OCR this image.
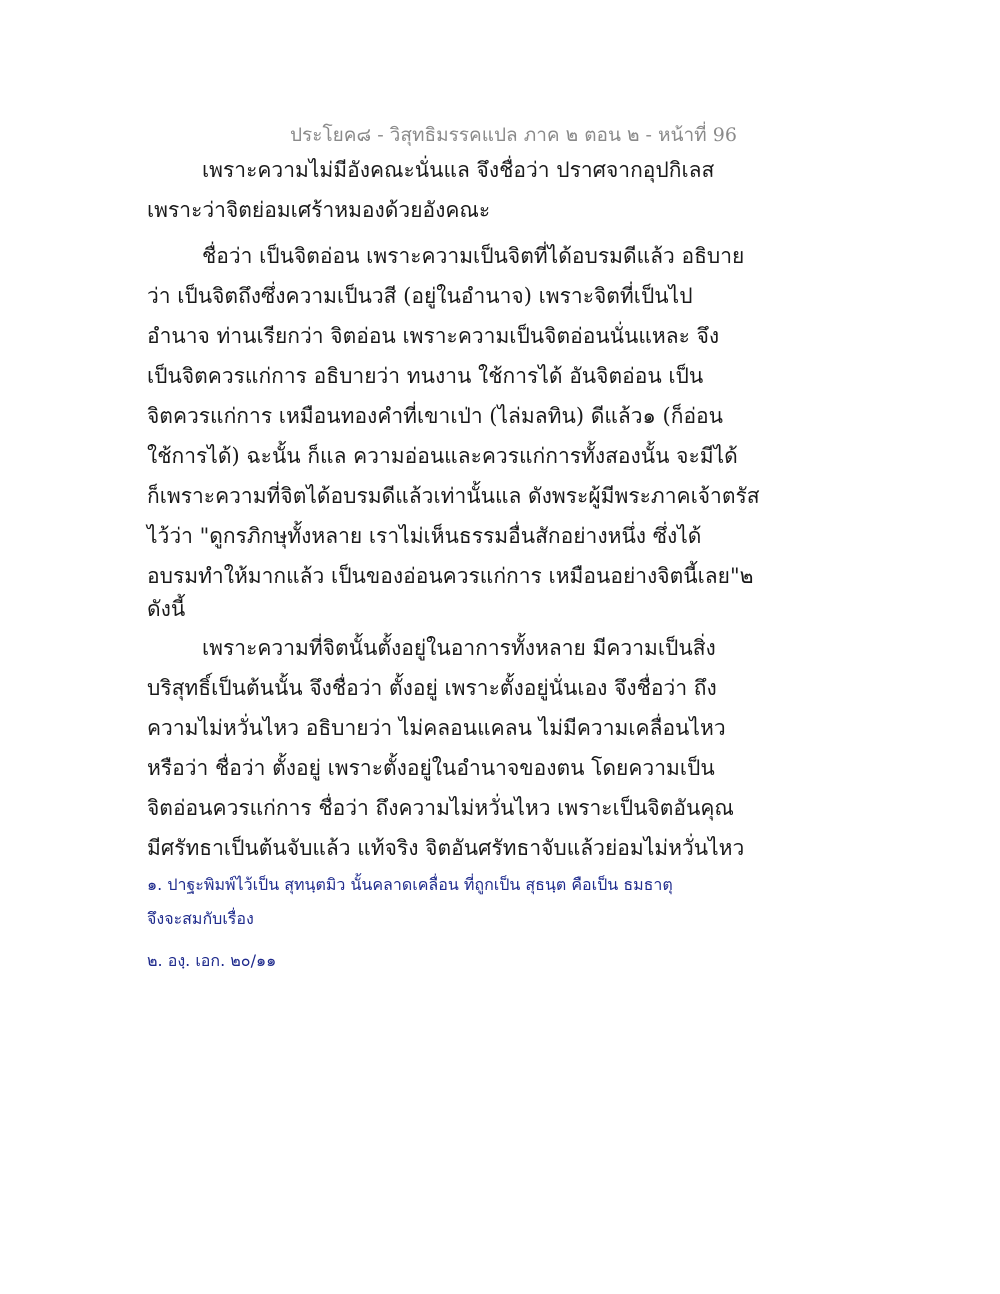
ประโยค๘ - วิสุทธิมรรคแปล ภาค ๒ ตอน ๒ - หน้าที่ 96
เพราะความไม่มีอังคณะนั่นแล จึงชื่อว่า ปราศจากอุปกิเลส
เพราะว่าจิตย่อมเศร้าหมองด้วยอังคณะ
ชื่อว่า เป็นจิตอ่อน เพราะความเป็นจิตที่ได้อบรมดีแล้ว อธิบาย
ว่า เป็นจิตถึงซึ่งความเป็นวสี (อยู่ในอำนาจ) เพราะจิตที่เป็นไป
อำนาจ ท่านเรียกว่า จิตอ่อน เพราะความเป็นจิตอ่อนนั่นแหละ จึง
เป็นจิตควรแก่การ อธิบายว่า ทนงาน ใช้การได้ อันจิตอ่อน เป็น
จิตควรแก่การ เหมือนทองคำที่เขาเป่า (ไล่มลทิน) ดีแล้ว๑ (ก็อ่อน
ใช้การได้) ฉะนั้น ก็แล ความอ่อนและควรแก่การทั้งสองนั้น จะมีได้
ก็เพราะความที่จิตได้อบรมดีแล้วเท่านั้นแล ดังพระผู้มีพระภาคเจ้าตรัส
ไว้ว่า "ดูกรภิกษุทั้งหลาย เราไม่เห็นธรรมอื่นสักอย่างหนึ่ง ซึ่งได้
อบรมทำให้มากแล้ว เป็นของอ่อนควรแก่การ เหมือนอย่างจิตนี้เลย"๒
ดังนี้
เพราะความที่จิตนั้นตั้งอยู่ในอาการทั้งหลาย มีความเป็นสิ่ง
บริสุทธิ์เป็นต้นนั้น จึงชื่อว่า ตั้งอยู่ เพราะตั้งอยู่นั่นเอง จึงชื่อว่า ถึง
ความไม่หวั่นไหว อธิบายว่า ไม่คลอนแคลน ไม่มีความเคลื่อนไหว
หรือว่า ชื่อว่า ตั้งอยู่ เพราะตั้งอยู่ในอำนาจของตน โดยความเป็น
จิตอ่อนควรแก่การ ชื่อว่า ถึงความไม่หวั่นไหว เพราะเป็นจิตอันคุณ
มีศรัทธาเป็นต้นจับแล้ว แท้จริง จิตอันศรัทธาจับแล้วย่อมไม่หวั่นไหว
๑. ปาฐะพิมพ์ไว้เป็น สุทนฺตมิว นั้นคลาดเคลื่อน ที่ถูกเป็น สุธนฺต คือเป็น ธมธาตุ
จึงจะสมกับเรื่อง
๒. องฺ. เอก. ๒๐/๑๑
